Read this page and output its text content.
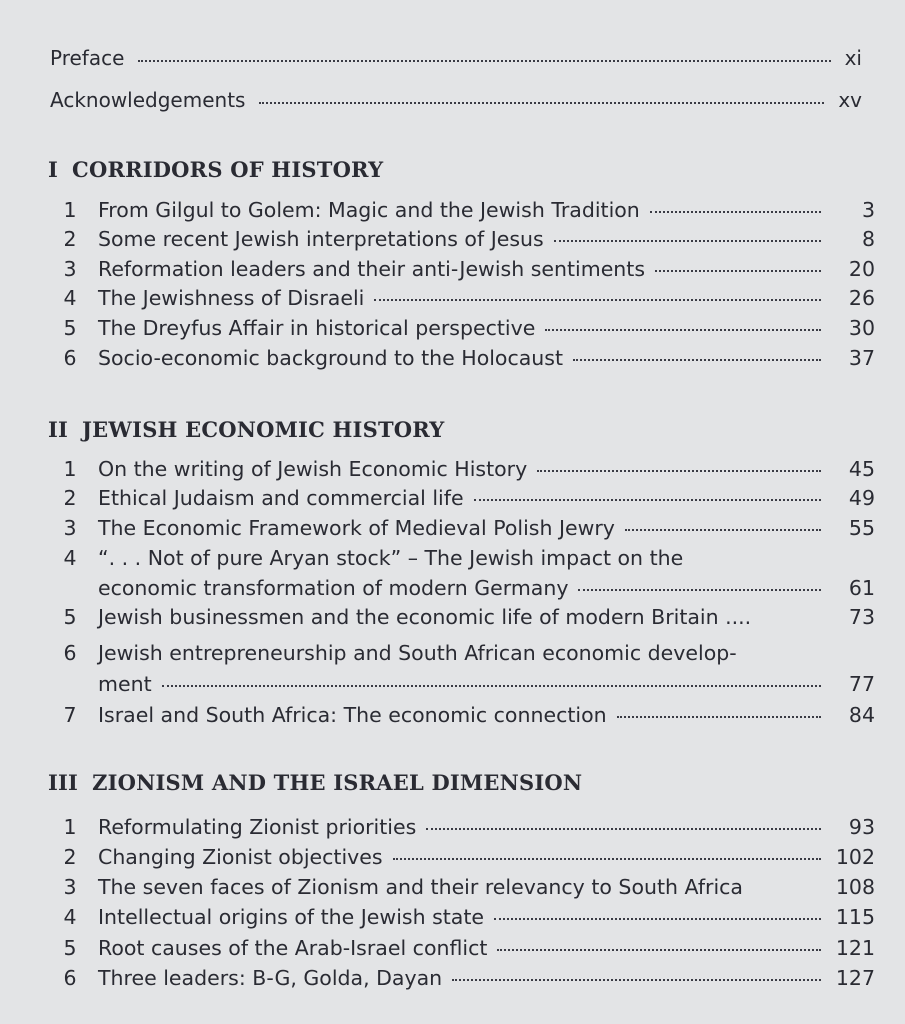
Preface	xi
Acknowledgements	xv
I CORRIDORS OF HISTORY
1 From Gilgul to Golem: Magic and the Jewish Tradition	3
2 Some recent Jewish interpretations of Jesus	8
3 Reformation leaders and their anti-Jewish sentiments	20
4 The Jewishness of Disraeli	26
5 The Dreyfus Affair in historical perspective	30
6 Socio-economic background to the Holocaust	37
II JEWISH ECONOMIC HISTORY
1 On the writing of Jewish Economic History	45
2 Ethical Judaism and commercial life	49
3 The Economic Framework of Medieval Polish Jewry	55
4 “. . . Not of pure Aryan stock” – The Jewish impact on the
economic transformation of modern Germany	61
5 Jewish businessmen and the economic life of modern Britain ....	73
6 Jewish entrepreneurship and South African economic develop-
ment	77
7 Israel and South Africa: The economic connection	84
III ZIONISM AND THE ISRAEL DIMENSION
1 Reformulating Zionist priorities	93
2 Changing Zionist objectives	102
3 The seven faces of Zionism and their relevancy to South Africa	108
4 Intellectual origins of the Jewish state	115
5 Root causes of the Arab-Israel conflict	121
6 Three leaders: B-G, Golda, Dayan	127
